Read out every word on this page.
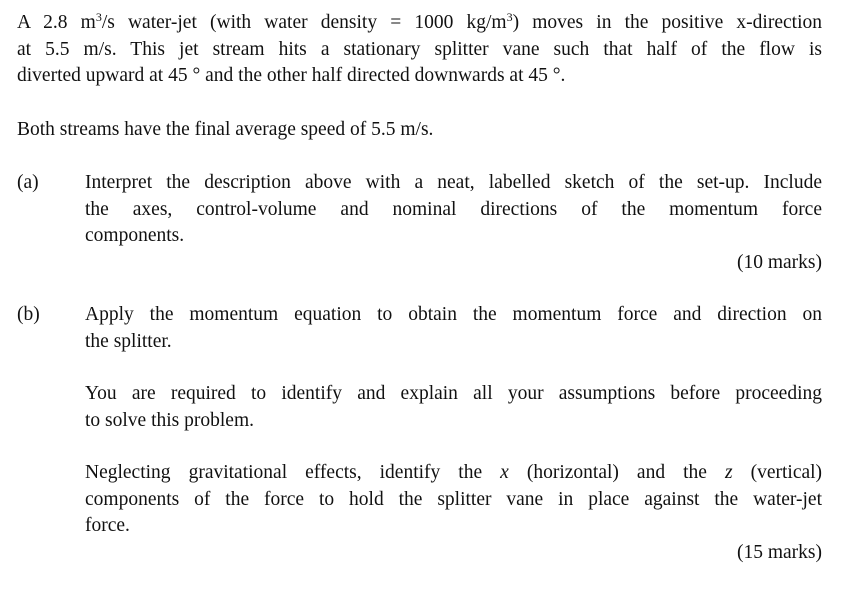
A 2.8 $m^3/s$ water-jet (with water density = 1000 $kg/m^3$) moves in the positive x-direction
at 5.5 m/s. This jet stream hits a stationary splitter vane such that half of the flow is
diverted upward at 45 ° and the other half directed downwards at 45 °.
Both streams have the final average speed of 5.5 m/s.
(a) Interpret the description above with a neat, labelled sketch of the set-up. Include
the axes, control-volume and nominal directions of the momentum force
components.
(10 marks)
(b) Apply the momentum equation to obtain the momentum force and direction on
the splitter.
You are required to identify and explain all your assumptions before proceeding
to solve this problem.
Neglecting gravitational effects, identify the x (horizontal) and the z (vertical)
components of the force to hold the splitter vane in place against the water-jet
force.
(15 marks)
